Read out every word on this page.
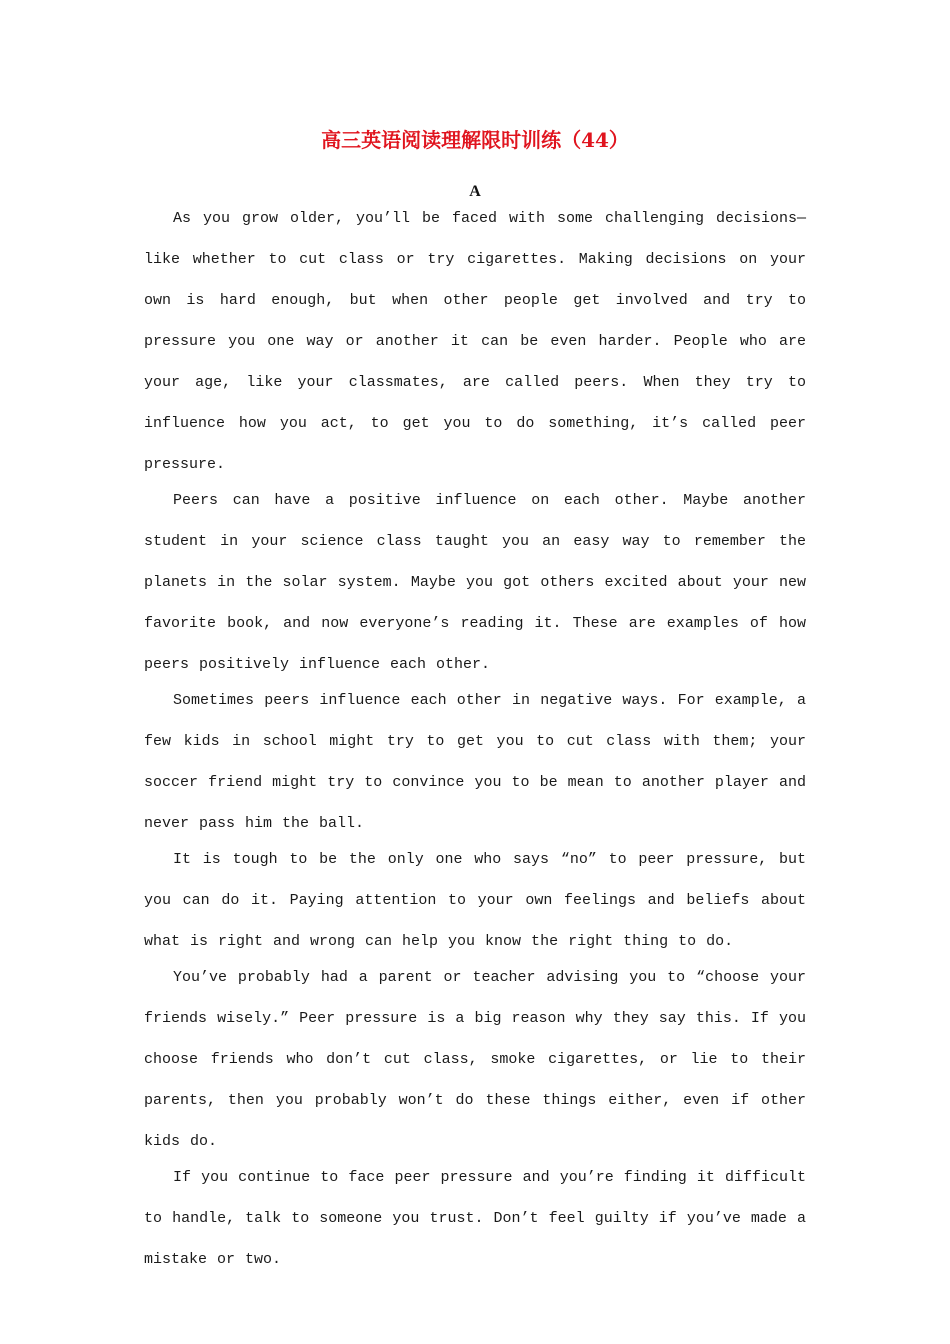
高三英语阅读理解限时训练（44）
A

As you grow older, you’ll be faced with some challenging decisions—like whether to cut class or try cigarettes. Making decisions on your own is hard enough, but when other people get involved and try to pressure you one way or another it can be even harder. People who are your age, like your classmates, are called peers. When they try to influence how you act, to get you to do something, it’s called peer pressure.

Peers can have a positive influence on each other. Maybe another student in your science class taught you an easy way to remember the planets in the solar system. Maybe you got others excited about your new favorite book, and now everyone’s reading it. These are examples of how peers positively influence each other.

Sometimes peers influence each other in negative ways. For example, a few kids in school might try to get you to cut class with them; your soccer friend might try to convince you to be mean to another player and never pass him the ball.

It is tough to be the only one who says “no” to peer pressure, but you can do it. Paying attention to your own feelings and beliefs about what is right and wrong can help you know the right thing to do.

You’ve probably had a parent or teacher advising you to “choose your friends wisely.” Peer pressure is a big reason why they say this. If you choose friends who don’t cut class, smoke cigarettes, or lie to their parents, then you probably won’t do these things either, even if other kids do.

If you continue to face peer pressure and you’re finding it difficult to handle, talk to someone you trust. Don’t feel guilty if you’ve made a mistake or two.
